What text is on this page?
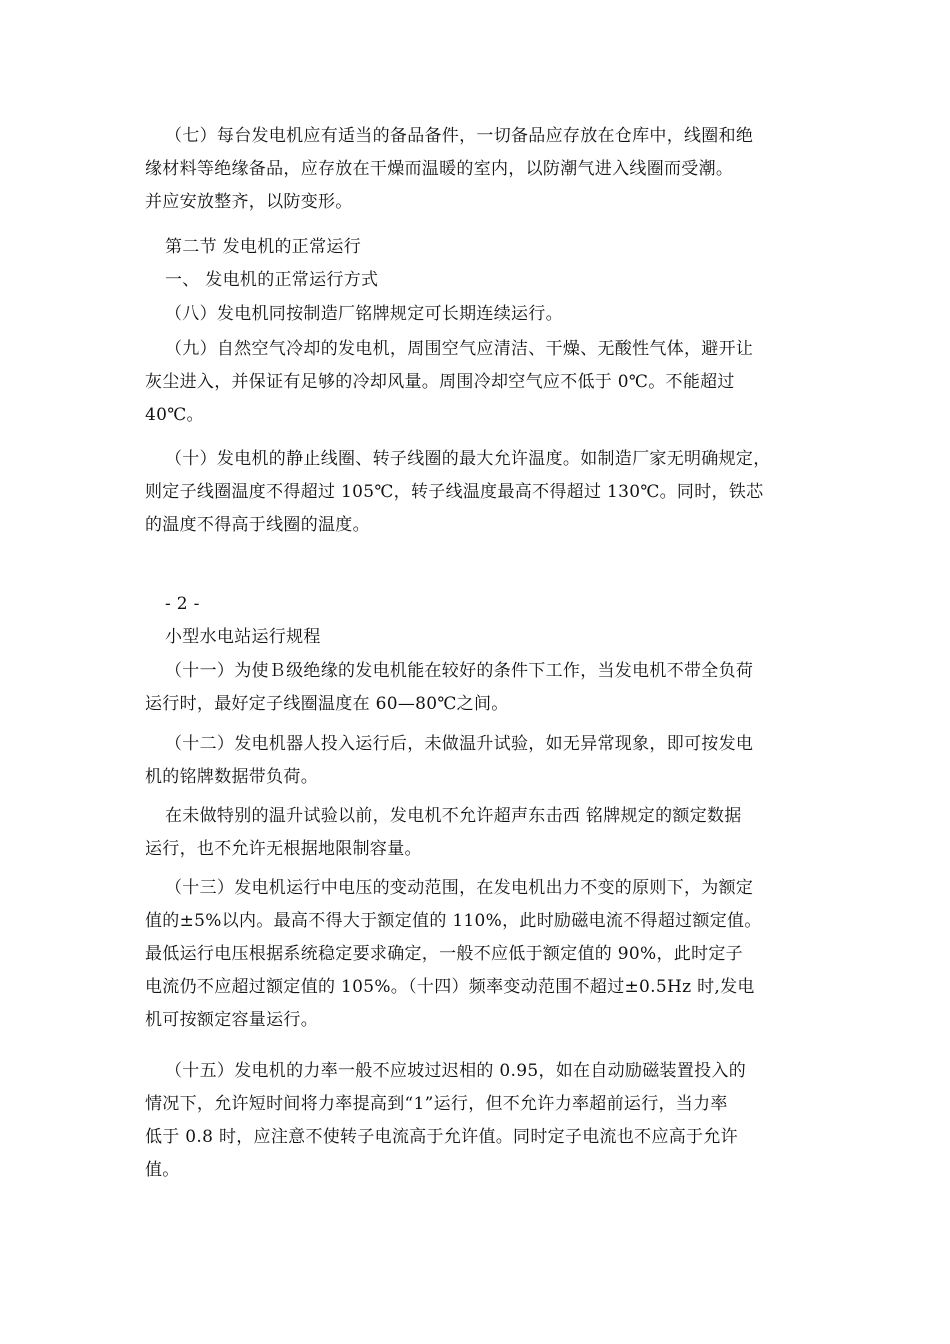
（七）每台发电机应有适当的备品备件，一切备品应存放在仓库中，线圈和绝
缘材料等绝缘备品，应存放在干燥而温暖的室内，以防潮气进入线圈而受潮。
并应安放整齐，以防变形。
第二节 发电机的正常运行
一、 发电机的正常运行方式
（八）发电机同按制造厂铭牌规定可长期连续运行。
（九）自然空气冷却的发电机，周围空气应清洁、干燥、无酸性气体，避开让
灰尘进入，并保证有足够的冷却风量。周围冷却空气应不低于 0℃。不能超过
40℃。
（十）发电机的静止线圈、转子线圈的最大允许温度。如制造厂家无明确规定，
则定子线圈温度不得超过 105℃，转子线温度最高不得超过 130℃。同时，铁芯
的温度不得高于线圈的温度。
- 2 -
小型水电站运行规程
（十一）为使Ｂ级绝缘的发电机能在较好的条件下工作，当发电机不带全负荷
运行时，最好定子线圈温度在 60—80℃之间。
（十二）发电机器人投入运行后，未做温升试验，如无异常现象，即可按发电
机的铭牌数据带负荷。
在未做特别的温升试验以前，发电机不允许超声东击西 铭牌规定的额定数据
运行，也不允许无根据地限制容量。
（十三）发电机运行中电压的变动范围，在发电机出力不变的原则下，为额定
值的±5%以内。最高不得大于额定值的 110%，此时励磁电流不得超过额定值。
最低运行电压根据系统稳定要求确定，一般不应低于额定值的 90%，此时定子
电流仍不应超过额定值的 105%。（十四）频率变动范围不超过±0.5Hz 时,发电
机可按额定容量运行。
（十五）发电机的力率一般不应坡过迟相的 0.95，如在自动励磁装置投入的
情况下，允许短时间将力率提高到“1”运行，但不允许力率超前运行，当力率
低于 0.8 时，应注意不使转子电流高于允许值。同时定子电流也不应高于允许
值。
